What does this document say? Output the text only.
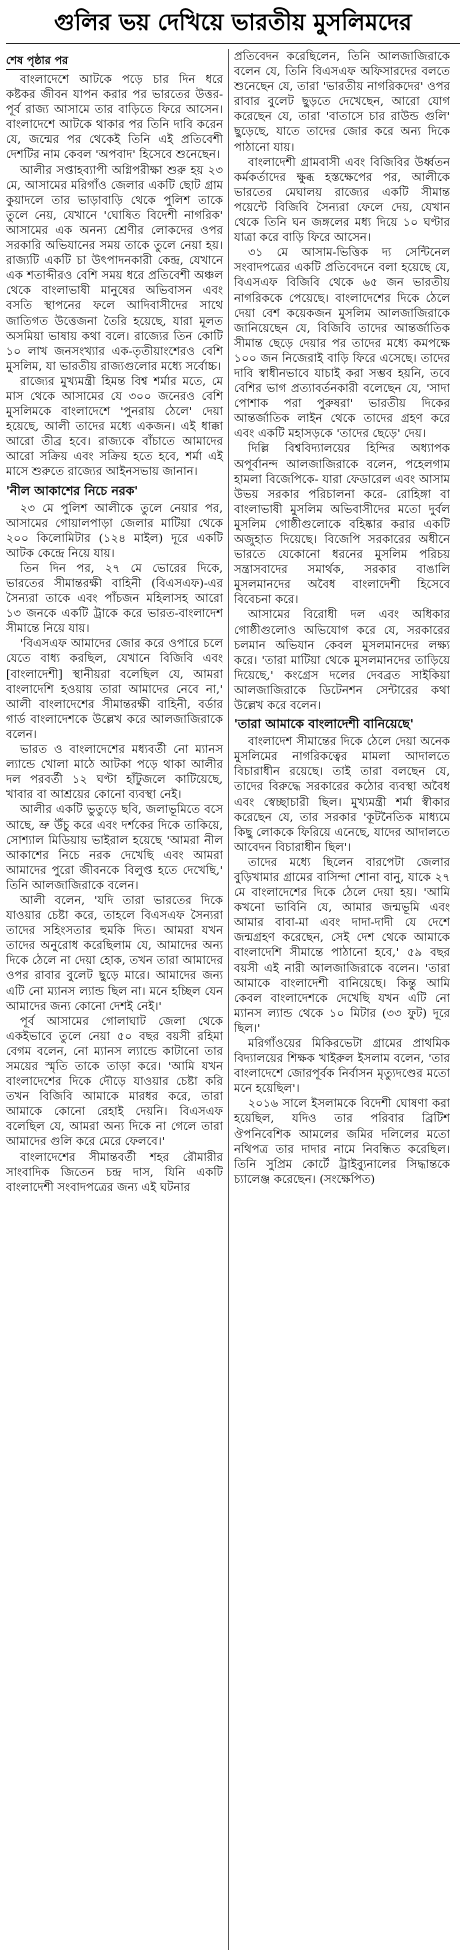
গুলির ভয় দেখিয়ে ভারতীয় মুসলিমদের
শেষ পৃষ্ঠার পর

বাংলাদেশে আটকে পড়ে চার দিন ধরে কষ্টকর জীবন যাপন করার পর ভারতের উত্তর-পূর্ব রাজ্য আসামে তার বাড়িতে ফিরে আসেন। বাংলাদেশে আটকে থাকার পর তিনি দাবি করেন যে, জন্মের পর থেকেই তিনি এই প্রতিবেশী দেশটির নাম কেবল 'অপবাদ' হিসেবে শুনেছেন।

আলীর সপ্তাহব্যাপী অগ্নিপরীক্ষা শুরু হয় ২৩ মে, আসামের মরিগাঁও জেলার একটি ছোট গ্রাম কুয়াদলে তার ভাড়াবাড়ি থেকে পুলিশ তাকে তুলে নেয়, যেখানে 'ঘোষিত বিদেশী নাগরিক' আসামের এক অনন্য শ্রেণীর লোকদের ওপর সরকারি অভিযানের সময় তাকে তুলে নেয়া হয়। রাজ্যটি একটি চা উৎপাদনকারী কেন্দ্র, যেখানে এক শতাব্দীরও বেশি সময় ধরে প্রতিবেশী অঞ্চল থেকে বাংলাভাষী মানুষের অভিবাসন এবং বসতি স্থাপনের ফলে আদিবাসীদের সাথে জাতিগত উত্তেজনা তৈরি হয়েছে, যারা মূলত অসমিয়া ভাষায় কথা বলে। রাজ্যের তিন কোটি ১০ লাখ জনসংখ্যার এক-তৃতীয়াংশেরও বেশি মুসলিম, যা ভারতীয় রাজ্যগুলোর মধ্যে সর্বোচ্চ।

রাজ্যের মুখ্যমন্ত্রী হিমন্ত বিশ্ব শর্মার মতে, মে মাস থেকে আসামের যে ৩০০ জনেরও বেশি মুসলিমকে বাংলাদেশে 'পুনরায় ঠেলে' দেয়া হয়েছে, আলী তাদের মধ্যে একজন। এই ধাক্কা আরো তীব্র হবে। রাজ্যকে বাঁচাতে আমাদের আরো সক্রিয় এবং সক্রিয় হতে হবে, শর্মা এই মাসে শুরুতে রাজ্যের আইনসভায় জানান।

'নীল আকাশের নিচে নরক'

২৩ মে পুলিশ আলীকে তুলে নেয়ার পর, আসামের গোয়ালপাড়া জেলার মাটিয়া থেকে ২০০ কিলোমিটার (১২৪ মাইল) দূরে একটি আটক কেন্দ্রে নিয়ে যায়।

তিন দিন পর, ২৭ মে ভোরের দিকে, ভারতের সীমান্তরক্ষী বাহিনী (বিএসএফ)-এর সৈন্যরা তাকে এবং পাঁচজন মহিলাসহ আরো ১৩ জনকে একটি ট্রাকে করে ভারত-বাংলাদেশ সীমান্তে নিয়ে যায়।

'বিএসএফ আমাদের জোর করে ওপারে চলে যেতে বাধ্য করছিল, যেখানে বিজিবি এবং [বাংলাদেশী] স্থানীয়রা বলেছিল যে, আমরা বাংলাদেশি হওয়ায় তারা আমাদের নেবে না,' আলী বাংলাদেশের সীমান্তরক্ষী বাহিনী, বর্ডার গার্ড বাংলাদেশকে উল্লেখ করে আলজাজিরাকে বলেন।

ভারত ও বাংলাদেশের মধ্যবর্তী নো ম্যানস ল্যান্ডে খোলা মাঠে আটকা পড়ে থাকা আলীর দল পরবর্তী ১২ ঘণ্টা হাঁটুজলে কাটিয়েছে, খাবার বা আশ্রয়ের কোনো ব্যবস্থা নেই।

আলীর একটি ভুতুড়ে ছবি, জলাভূমিতে বসে আছে, ভ্রু উঁচু করে এবং দর্শকের দিকে তাকিয়ে, সোশ্যাল মিডিয়ায় ভাইরাল হয়েছে 'আমরা নীল আকাশের নিচে নরক দেখেছি এবং আমরা আমাদের পুরো জীবনকে বিলুপ্ত হতে দেখেছি,' তিনি আলজাজিরাকে বলেন।

আলী বলেন, 'যদি তারা ভারতের দিকে যাওয়ার চেষ্টা করে, তাহলে বিএসএফ সৈন্যরা তাদের সহিংসতার হুমকি দিত। আমরা যখন তাদের অনুরোধ করেছিলাম যে, আমাদের অন্য দিকে ঠেলে না দেয়া হোক, তখন তারা আমাদের ওপর রাবার বুলেট ছুড়ে মারে। আমাদের জন্য এটি নো ম্যানস ল্যান্ড ছিল না। মনে হচ্ছিল যেন আমাদের জন্য কোনো দেশই নেই।'

পূর্ব আসামের গোলাঘাট জেলা থেকে একইভাবে তুলে নেয়া ৫০ বছর বয়সী রহিমা বেগম বলেন, নো ম্যানস ল্যান্ডে কাটানো তার সময়ের স্মৃতি তাকে তাড়া করে। 'আমি যখন বাংলাদেশের দিকে দৌড়ে যাওয়ার চেষ্টা করি তখন বিজিবি আমাকে মারধর করে, তারা আমাকে কোনো রেহাই দেয়নি। বিএসএফ বলেছিল যে, আমরা অন্য দিকে না গেলে তারা আমাদের গুলি করে মেরে ফেলবে।'

বাংলাদেশের সীমান্তবর্তী শহর রৌমারীর সাংবাদিক জিতেন চন্দ্র দাস, যিনি একটি বাংলাদেশী সংবাদপত্রের জন্য এই ঘটনার

প্রতিবেদন করেছিলেন, তিনি আলজাজিরাকে বলেন যে, তিনি বিএসএফ অফিসারদের বলতে শুনেছেন যে, তারা 'ভারতীয় নাগরিকদের' ওপর রাবার বুলেট ছুড়তে দেখেছেন, আরো যোগ করেছেন যে, তারা 'বাতাসে চার রাউন্ড গুলি' ছুড়েছে, যাতে তাদের জোর করে অন্য দিকে পাঠানো যায়।

বাংলাদেশী গ্রামবাসী এবং বিজিবির উর্ধ্বতন কর্মকর্তাদের ক্ষুব্ধ হস্তক্ষেপের পর, আলীকে ভারতের মেঘালয় রাজ্যের একটি সীমান্ত পয়েন্টে বিজিবি সৈন্যরা ফেলে দেয়, যেখান থেকে তিনি ঘন জঙ্গলের মধ্য দিয়ে ১০ ঘণ্টার যাত্রা করে বাড়ি ফিরে আসেন।

৩১ মে আসাম-ভিত্তিক দ্য সেন্টিনেল সংবাদপত্রের একটি প্রতিবেদনে বলা হয়েছে যে, বিএসএফ বিজিবি থেকে ৬৫ জন ভারতীয় নাগরিককে পেয়েছে। বাংলাদেশের দিকে ঠেলে দেয়া বেশ কয়েকজন মুসলিম আলজাজিরাকে জানিয়েছেন যে, বিজিবি তাদের আন্তর্জাতিক সীমান্ত ছেড়ে দেয়ার পর তাদের মধ্যে কমপক্ষে ১০০ জন নিজেরাই বাড়ি ফিরে এসেছে। তাদের দাবি স্বাধীনভাবে যাচাই করা সম্ভব হয়নি, তবে বেশির ভাগ প্রত্যাবর্তনকারী বলেছেন যে, 'সাদা পোশাক পরা পুরুষরা' ভারতীয় দিকের আন্তর্জাতিক লাইন থেকে তাদের গ্রহণ করে এবং একটি মহাসড়কে 'তাদের ছেড়ে' দেয়।

দিল্লি বিশ্ববিদ্যালয়ের হিন্দির অধ্যাপক অপূর্বানন্দ আলজাজিরাকে বলেন, পহেলগাম হামলা বিজেপিকে- যারা ফেডারেল এবং আসাম উভয় সরকার পরিচালনা করে- রোহিঙ্গা বা বাংলাভাষী মুসলিম অভিবাসীদের মতো দুর্বল মুসলিম গোষ্ঠীগুলোকে বহিষ্কার করার একটি অজুহাত দিয়েছে। বিজেপি সরকারের অধীনে ভারতে যেকোনো ধরনের মুসলিম পরিচয় সন্ত্রাসবাদের সমার্থক, সরকার বাঙালি মুসলমানদের অবৈধ বাংলাদেশী হিসেবে বিবেচনা করে।

আসামের বিরোধী দল এবং অধিকার গোষ্ঠীগুলোও অভিযোগ করে যে, সরকারের চলমান অভিযান কেবল মুসলমানদের লক্ষ্য করে। 'তারা মাটিয়া থেকে মুসলমানদের তাড়িয়ে দিয়েছে,' কংগ্রেস দলের দেবব্রত সাইকিয়া আলজাজিরাকে ডিটেনশন সেন্টারের কথা উল্লেখ করে বলেন।

'তারা আমাকে বাংলাদেশী বানিয়েছে'

বাংলাদেশ সীমান্তের দিকে ঠেলে দেয়া অনেক মুসলিমের নাগরিকত্বের মামলা আদালতে বিচারাধীন রয়েছে। তাই তারা বলছেন যে, তাদের বিরুদ্ধে সরকারের কঠোর ব্যবস্থা অবৈধ এবং স্বেচ্ছাচারী ছিল। মুখ্যমন্ত্রী শর্মা স্বীকার করেছেন যে, তার সরকার 'কূটনৈতিক মাধ্যমে কিছু লোককে ফিরিয়ে এনেছে, যাদের আদালতে আবেদন বিচারাধীন ছিল'।

তাদের মধ্যে ছিলেন বারপেটা জেলার বুড়িখামার গ্রামের বাসিন্দা শোনা বানু, যাকে ২৭ মে বাংলাদেশের দিকে ঠেলে দেয়া হয়। 'আমি কখনো ভাবিনি যে, আমার জন্মভূমি এবং আমার বাবা-মা এবং দাদা-দাদী যে দেশে জন্মগ্রহণ করেছেন, সেই দেশ থেকে আমাকে বাংলাদেশি সীমান্তে পাঠানো হবে,' ৫৯ বছর বয়সী এই নারী আলজাজিরাকে বলেন। 'তারা আমাকে বাংলাদেশী বানিয়েছে। কিন্তু আমি কেবল বাংলাদেশকে দেখেছি যখন এটি নো ম্যানস ল্যান্ড থেকে ১০ মিটার (৩৩ ফুট) দূরে ছিল।'

মরিগাঁওয়ের মিকিরভেটা গ্রামের প্রাথমিক বিদ্যালয়ের শিক্ষক খাইরুল ইসলাম বলেন, 'তার বাংলাদেশে জোরপূর্বক নির্বাসন মৃত্যুদণ্ডের মতো মনে হয়েছিল'।

২০১৬ সালে ইসলামকে বিদেশী ঘোষণা করা হয়েছিল, যদিও তার পরিবার ব্রিটিশ ঔপনিবেশিক আমলের জমির দলিলের মতো নথিপত্র তার দাদার নামে নিবন্ধিত করেছিল। তিনি সুপ্রিম কোর্টে ট্রাইব্যুনালের সিদ্ধান্তকে চ্যালেঞ্জ করেছেন। (সংক্ষেপিত)
